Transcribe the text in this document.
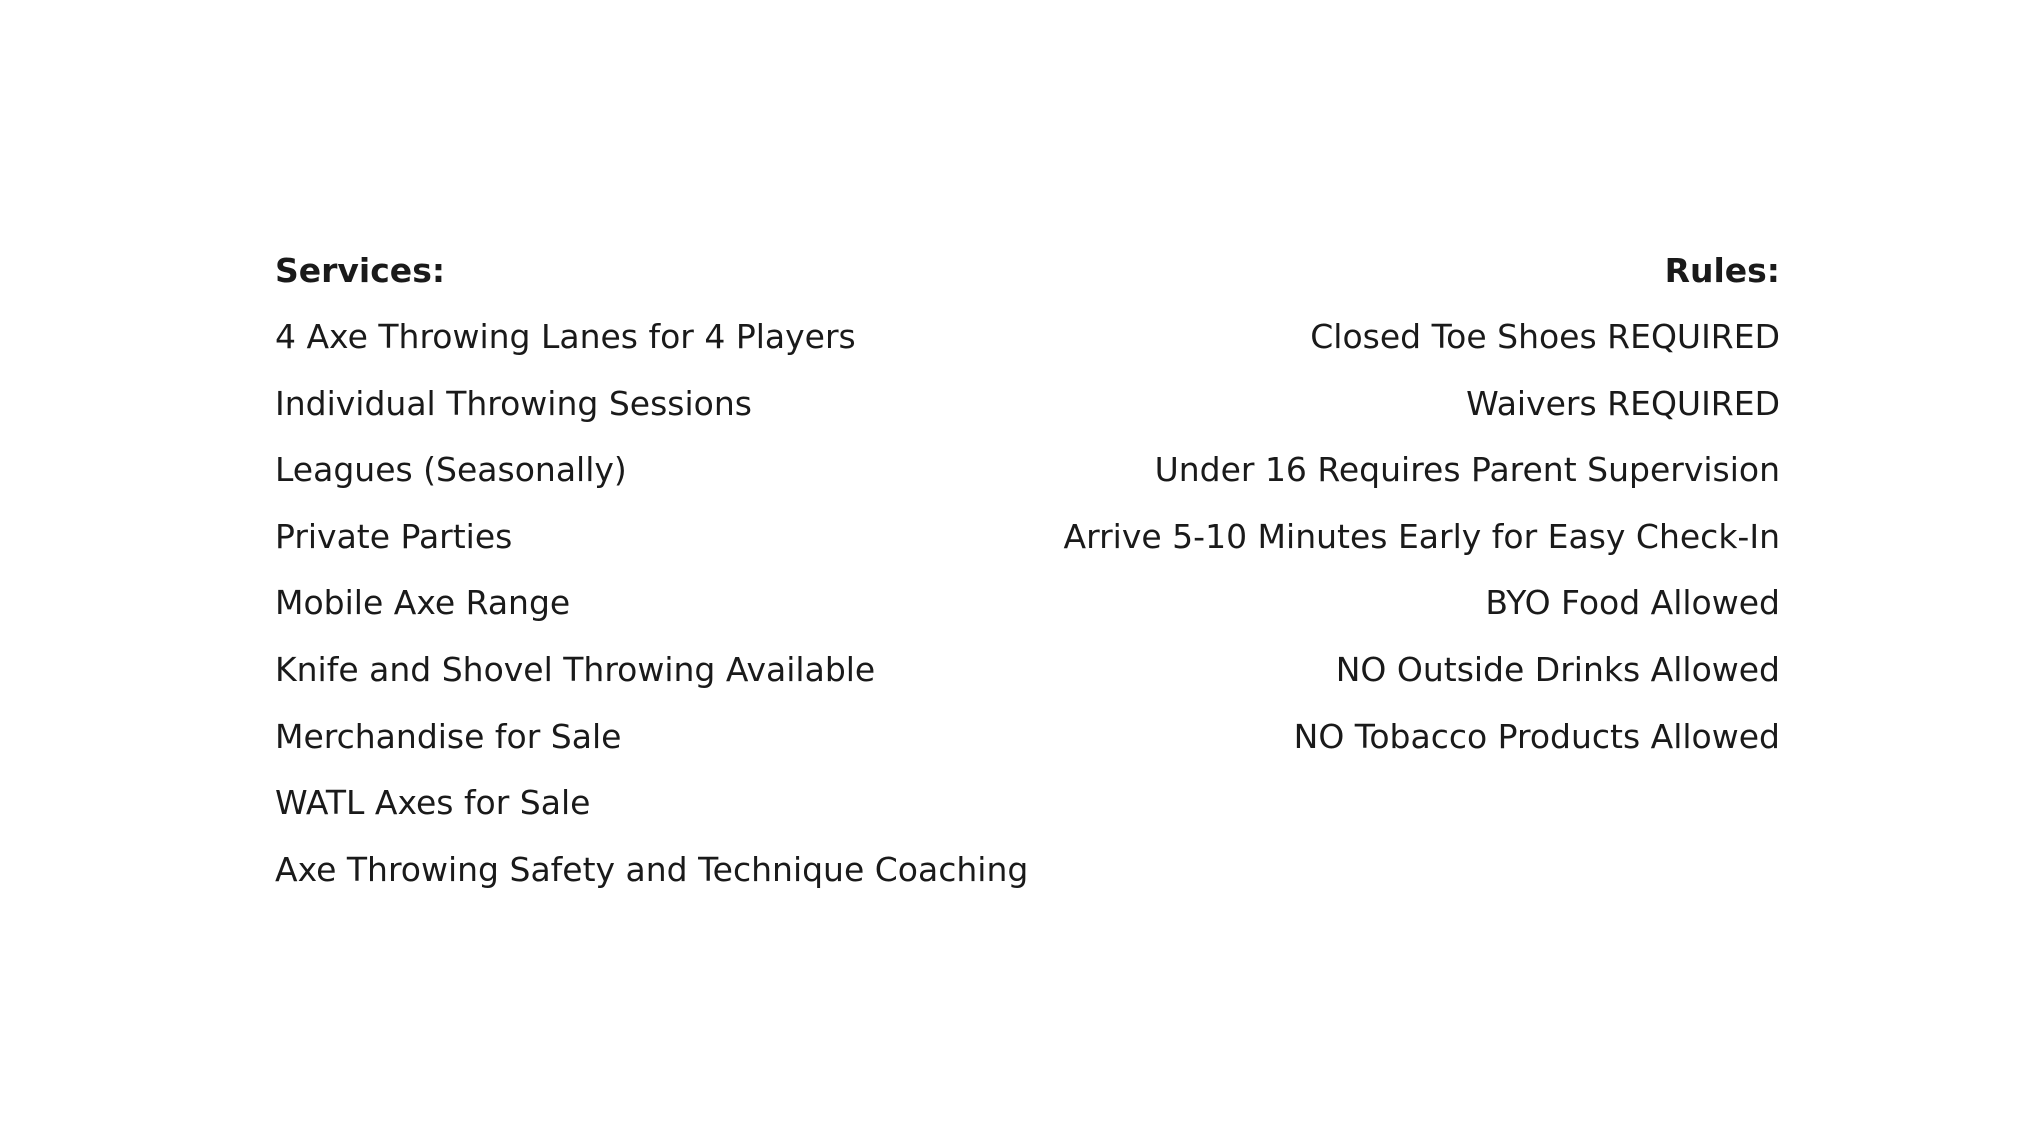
Services:
4 Axe Throwing Lanes for 4 Players
Individual Throwing Sessions
Leagues (Seasonally)
Private Parties
Mobile Axe Range
Knife and Shovel Throwing Available
Merchandise for Sale
WATL Axes for Sale
Axe Throwing Safety and Technique Coaching
Rules:
Closed Toe Shoes REQUIRED
Waivers REQUIRED
Under 16 Requires Parent Supervision
Arrive 5-10 Minutes Early for Easy Check-In
BYO Food Allowed
NO Outside Drinks Allowed
NO Tobacco Products Allowed
